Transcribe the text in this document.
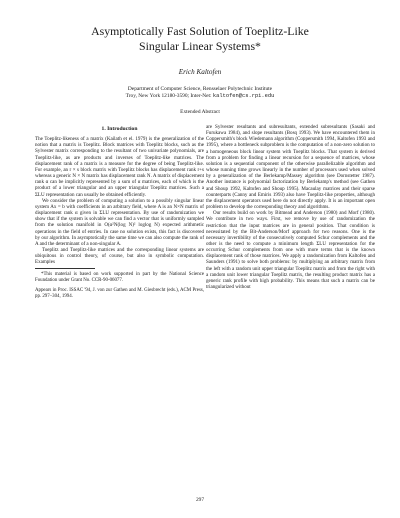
Asymptotically Fast Solution of Toeplitz-Like
Singular Linear Systems*
Erich Kaltofen
Department of Computer Science, Rensselaer Polytechnic Institute
Troy, New York 12180-3590; Inter-Net: kaltofen@cs.rpi.edu
Extended Abstract
1. Introduction

The Toeplitz-likeness of a matrix (Kailath et el. 1979) is the generalization of the notion that a matrix is Toeplitz. Block matrices with Toeplitz blocks, such as the Sylvester matrix corresponding to the resultant of two univariate polynomials, are Toeplitz-like, as are products and inverses of Toeplitz-like matrices. The displacement rank of a matrix is a measure for the degree of being Toeplitz-like. For example, an r × s block matrix with Toeplitz blocks has displacement rank r+s whereas a generic N × N matrix has displacement rank N. A matrix of displacement rank α can be implicitly represented by a sum of α matrices, each of which is the product of a lower triangular and an upper triangular Toeplitz matrices. Such a ΣLU representation can usually be obtained efficiently.

We consider the problem of computing a solution to a possibly singular linear system Ax = b with coefficients in an arbitrary field, where A is an N×N matrix of displacement rank α given in ΣLU representation. By use of randomization we show that if the system is solvable we can find a vector that is uniformly sampled from the solution manifold in O(α²N(log N)² loglog N) expected arithmetic operations in the field of entries. In case no solution exists, this fact is discovered by our algorithm. In asymptotically the same time we can also compute the rank of A and the determinant of a non-singular A.

Toeplitz and Toeplitz-like matrices and the corresponding linear systems are ubiquitous in control theory, of course, but also in symbolic computation. Examples

*This material is based on work supported in part by the National Science Foundation under Grant No. CCR-90-06077.
Appears in Proc. ISSAC '94, J. von zur Gathen and M. Giesbrecht (eds.), ACM Press, pp. 297–304, 1994.

are Sylvester resultants and subresultants, extended subresultants (Sasaki and Furukawa 1984), and slope resultants (Bosq 1993). We have encountered them in Coppersmith's block Wiedemann algorithm (Coppersmith 1994, Kaltofen 1993 and 1995), where a bottleneck subproblem is the computation of a non-zero solution to a homogeneous block linear system with Toeplitz blocks. That system is derived from a problem for finding a linear recursion for a sequence of matrices, whose solution is a sequential component of the otherwise parallelizable algorithm and whose running time grows linearly in the number of processors used when solved by a generalization of the Berlekamp/Massey algorithm (see Dornstetter 1987). Another instance is polynomial factorization by Berlekamp's method (see Gathen and Shoup 1992, Kaltofen and Shoup 1995). Macaulay matrices and their sparse counterparts (Canny and Emiris 1993) also have Toeplitz-like properties, although the displacement operators used here do not directly apply. It is an important open problem to develop the corresponding theory and algorithms.

Our results build on work by Bitmead and Anderson (1980) and Morf (1980). We contribute in two ways. First, we remove by use of randomization the restriction that the input matrices are in general position. That condition is necessitated by the Bit-Anderson/Morf approach for two reasons. One is the necessary invertibility of the consecutively computed Schur complements and the other is the need to compute a minimum length ΣLU representation for the occurring Schur complements from one with more terms that is the known displacement rank of those matrices. We apply a randomization from Kaltofen and Saunders (1991) to solve both problems: by multiplying an arbitrary matrix from the left with a random unit upper triangular Toeplitz matrix and from the right with a random unit lower triangular Toeplitz matrix, the resulting product matrix has a generic rank profile with high probability. This means that such a matrix can be triangularized without

297
